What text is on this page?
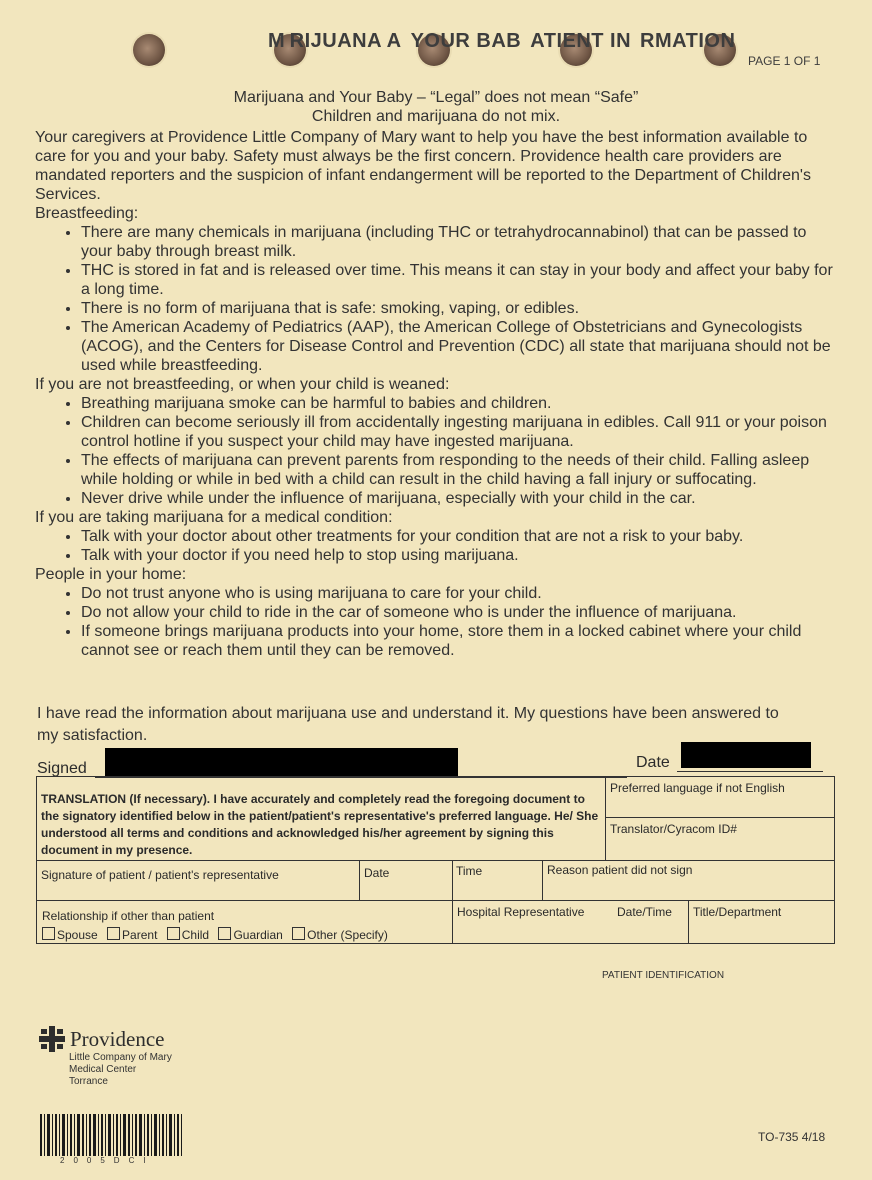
M RIJUANA A  YOUR BAB  ATIENT IN  RMATION
PAGE 1 OF 1
Marijuana and Your Baby – “Legal” does not mean “Safe”
Children and marijuana do not mix.

Your caregivers at Providence Little Company of Mary want to help you have the best information available to care for you and your baby. Safety must always be the first concern. Providence health care providers are mandated reporters and the suspicion of infant endangerment will be reported to the Department of Children's Services.

Breastfeeding:

• There are many chemicals in marijuana (including THC or tetrahydrocannabinol) that can be passed to your baby through breast milk.
• THC is stored in fat and is released over time. This means it can stay in your body and affect your baby for a long time.
• There is no form of marijuana that is safe: smoking, vaping, or edibles.
• The American Academy of Pediatrics (AAP), the American College of Obstetricians and Gynecologists (ACOG), and the Centers for Disease Control and Prevention (CDC) all state that marijuana should not be used while breastfeeding.

If you are not breastfeeding, or when your child is weaned:

• Breathing marijuana smoke can be harmful to babies and children.
• Children can become seriously ill from accidentally ingesting marijuana in edibles. Call 911 or your poison control hotline if you suspect your child may have ingested marijuana.
• The effects of marijuana can prevent parents from responding to the needs of their child. Falling asleep while holding or while in bed with a child can result in the child having a fall injury or suffocating.
• Never drive while under the influence of marijuana, especially with your child in the car.

If you are taking marijuana for a medical condition:

• Talk with your doctor about other treatments for your condition that are not a risk to your baby.
• Talk with your doctor if you need help to stop using marijuana.

People in your home:

• Do not trust anyone who is using marijuana to care for your child.
• Do not allow your child to ride in the car of someone who is under the influence of marijuana.
• If someone brings marijuana products into your home, store them in a locked cabinet where your child cannot see or reach them until they can be removed.
I have read the information about marijuana use and understand it. My questions have been answered to my satisfaction.
Signed	Date
TRANSLATION (If necessary). I have accurately and completely read the foregoing document to the signatory identified below in the patient/patient's representative's preferred language. He/ She understood all terms and conditions and acknowledged his/her agreement by signing this document in my presence.
Preferred language if not English
Translator/Cyracom ID#
Signature of patient / patient's representative	Date	Time	Reason patient did not sign
Relationship if other than patient
Spouse Parent Child Guardian Other (Specify)
Hospital Representative	Date/Time	Title/Department
PATIENT IDENTIFICATION
Providence
Little Company of Mary
Medical Center
Torrance
2005DCI
TO-735 4/18
